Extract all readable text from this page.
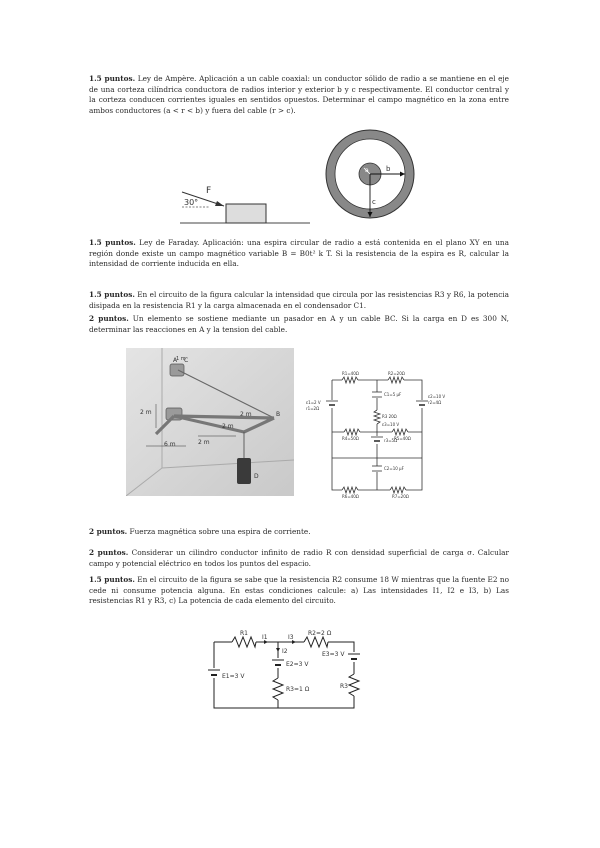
1.5 puntos. Ley de Ampère. Aplicación a un cable coaxial: un conductor sólido de radio a se mantiene en el eje de una corteza cilíndrica conductora de radios interior y exterior b y c respectivamente. El conductor central y la corteza conducen corrientes iguales en sentidos opuestos. Determinar el campo magnético en la zona entre ambos conductores (a < r < b) y fuera del cable (r > c).
F
30°
a b
c
1.5 puntos. Ley de Faraday. Aplicación: una espira circular de radio a está contenida en el plano XY en una región donde existe un campo magnético variable B = B0t² k T. Si la resistencia de la espira es R, calcular la intensidad de corriente inducida en ella.
1.5 puntos. En el circuito de la figura calcular la intensidad que circula por las resistencias R3 y R6, la potencia disipada en la resistencia R1 y la carga almacenada en el condensador C1.
2 puntos. Un elemento se sostiene mediante un pasador en A y un cable BC. Si la carga en D es 300 N, determinar las reacciones en A y la tension del cable.
A
B
C
D
2 m	2 m
2 m
2 m
6 m
1 m
R1=40Ω	R2=20Ω
C1=5 μF
R3 20Ω
ε3=10 V
r3=5Ω
ε1=2 V
r1=2Ω
ε2=10 V
r2=4Ω
R4=50Ω	R5=40Ω
C2=10 μF
R6=40Ω	R7=20Ω
2 puntos. Fuerza magnética sobre una espira de corriente.
2 puntos. Considerar un cilindro conductor infinito de radio R con densidad superficial de carga σ. Calcular campo y potencial eléctrico en todos los puntos del espacio.
1.5 puntos. En el circuito de la figura se sabe que la resistencia R2 consume 18 W mientras que la fuente E2 no cede ni consume potencia alguna. En estas condiciones calcule: a) Las intensidades I1, I2 e I3, b) Las resistencias R1 y R3, c) La potencia de cada elemento del circuito.
R1
I1
I2
I3
R2=2 Ω
E1=3 V
E2=3 V
E3=3 V
R3
R3=1 Ω
